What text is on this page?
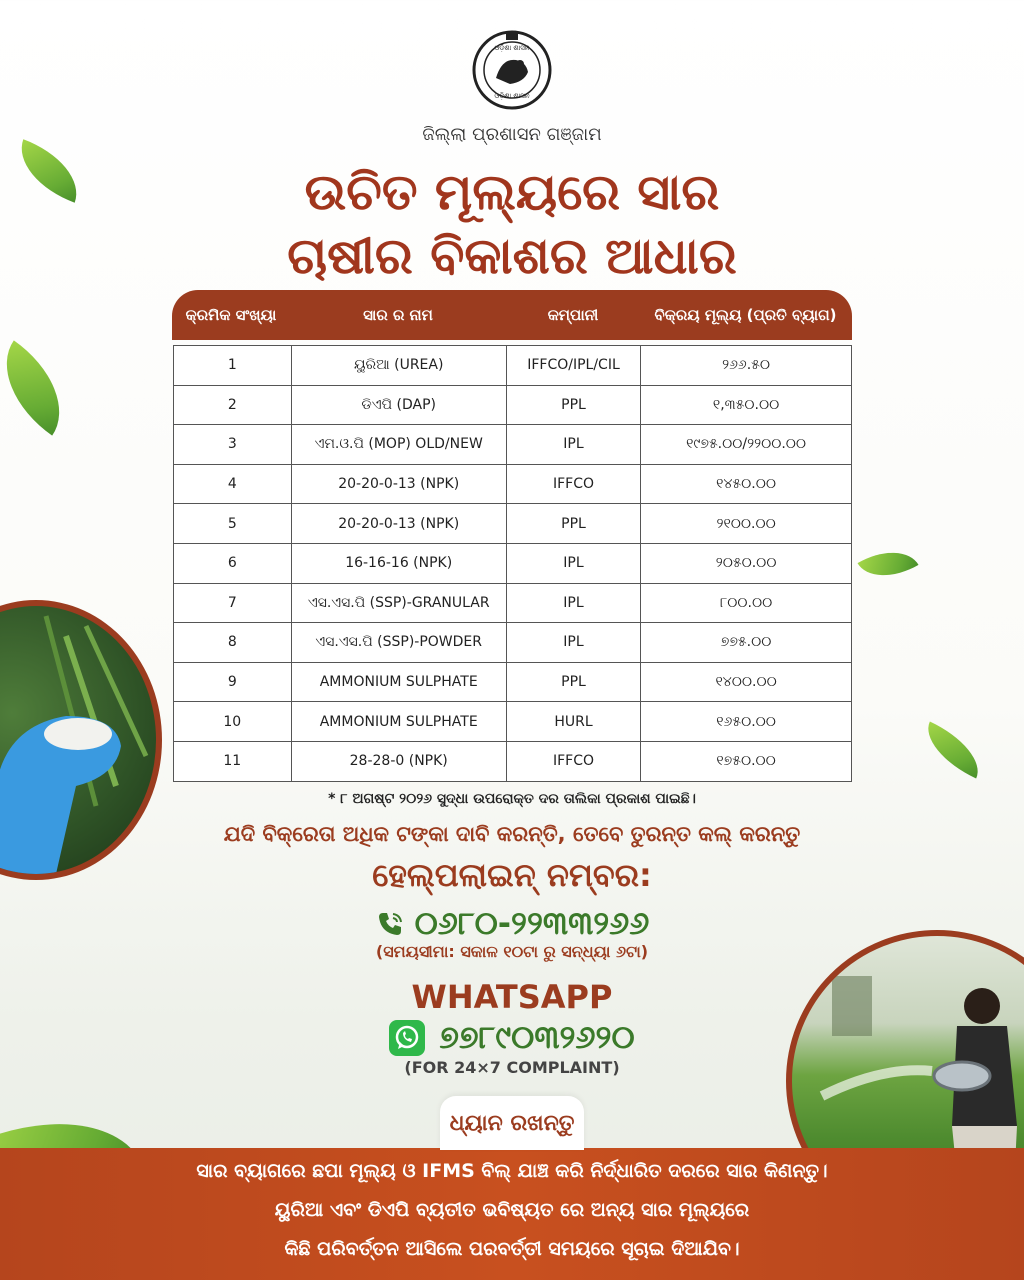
ଓଡ଼ିଶା ଶାସନ
ଓଡ଼ିଶା ଶାସନ
ଜିଲ୍ଲା ପ୍ରଶାସନ ଗଞ୍ଜାମ
ଉଚିତ ମୂଲ୍ୟରେ ସାର
ଚାଷୀର ବିକାଶର ଆଧାର
କ୍ରମିକ ସଂଖ୍ୟା	ସାର ର ନାମ	କମ୍ପାନୀ	ବିକ୍ରୟ ମୂଲ୍ୟ (ପ୍ରତି ବ୍ୟାଗ)
1	ୟୁରିଆ (UREA)	IFFCO/IPL/CIL	୨୬୬.୫୦
2	ଡିଏପି (DAP)	PPL	୧,୩୫୦.୦୦
3	ଏମ.ଓ.ପି (MOP) OLD/NEW	IPL	୧୯୭୫.୦୦/୨୨୦୦.୦୦
4	20-20-0-13 (NPK)	IFFCO	୧୪୫୦.୦୦
5	20-20-0-13 (NPK)	PPL	୨୧୦୦.୦୦
6	16-16-16 (NPK)	IPL	୨୦୫୦.୦୦
7	ଏସ.ଏସ.ପି (SSP)-GRANULAR	IPL	୮୦୦.୦୦
8	ଏସ.ଏସ.ପି (SSP)-POWDER	IPL	୭୭୫.୦୦
9	AMMONIUM SULPHATE	PPL	୧୪୦୦.୦୦
10	AMMONIUM SULPHATE	HURL	୧୬୫୦.୦୦
11	28-28-0 (NPK)	IFFCO	୧୭୫୦.୦୦
* ୮ ଅଗଷ୍ଟ ୨୦୨୬ ସୁଦ୍ଧା ଉପରୋକ୍ତ ଦର ତାଲିକା ପ୍ରକାଶ ପାଇଛି।
ଯଦି ବିକ୍ରେତା ଅଧିକ ଟଙ୍କା ଦାବି କରନ୍ତି, ତେବେ ତୁରନ୍ତ କଲ୍ କରନ୍ତୁ
ହେଲ୍ପଲାଇନ୍ ନମ୍ବର:
୦୬୮୦-୨୨୩୩୨୬୬
(ସମୟସୀମା: ସକାଳ ୧୦ଟା ରୁ ସନ୍ଧ୍ୟା ୬ଟା)
WHATSAPP
୭୭୮୯୦୩୨୬୨୦
(FOR 24×7 COMPLAINT)
ଧ୍ୟାନ ରଖନ୍ତୁ
ସାର ବ୍ୟାଗରେ ଛପା ମୂଲ୍ୟ ଓ IFMS ବିଲ୍ ଯାଞ୍ଚ କରି ନିର୍ଦ୍ଧାରିତ ଦରରେ ସାର କିଣନ୍ତୁ।
ୟୁରିଆ ଏବଂ ଡିଏପି ବ୍ୟତୀତ ଭବିଷ୍ୟତ ରେ ଅନ୍ୟ ସାର ମୂଲ୍ୟରେ
କିଛି ପରିବର୍ତ୍ତନ ଆସିଲେ ପରବର୍ତ୍ତୀ ସମୟରେ ସୂଚାଇ ଦିଆଯିବ।
